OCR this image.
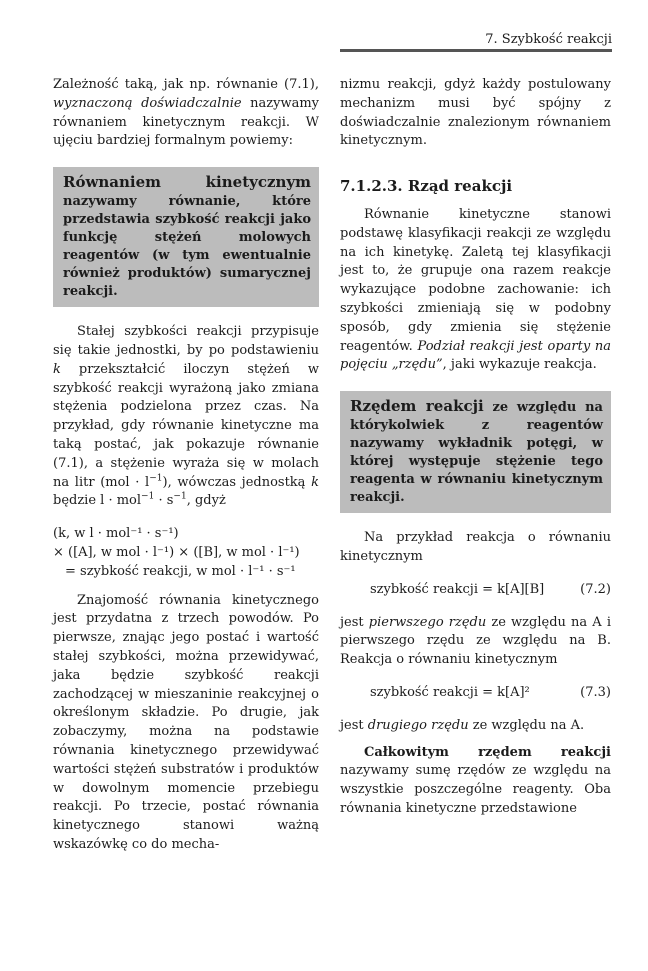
7. Szybkość reakcji

Zależność taką, jak np. równanie (7.1), wyznaczoną doświadczalnie nazywamy równaniem kinetycznym reakcji. W ujęciu bardziej formalnym powiemy:

Równaniem kinetycznym nazywamy równanie, które przedstawia szybkość reakcji jako funkcję stężeń molowych reagentów (w tym ewentualnie również produktów) sumarycznej reakcji.

Stałej szybkości reakcji przypisuje się takie jednostki, by po podstawieniu k przekształcić iloczyn stężeń w szybkość reakcji wyrażoną jako zmiana stężenia podzielona przez czas. Na przykład, gdy równanie kinetyczne ma taką postać, jak pokazuje równanie (7.1), a stężenie wyraża się w molach na litr $(mol \cdot l^{-1})$, wówczas jednostką k będzie $l \cdot mol^{-1} \cdot s^{-1}$, gdyż

(k, w l · mol⁻¹ · s⁻¹)
× ([A], w mol · l⁻¹) × ([B], w mol · l⁻¹)
= szybkość reakcji, w mol · l⁻¹ · s⁻¹

Znajomość równania kinetycznego jest przydatna z trzech powodów. Po pierwsze, znając jego postać i wartość stałej szybkości, można przewidywać, jaka będzie szybkość reakcji zachodzącej w mieszaninie reakcyjnej o określonym składzie. Po drugie, jak zobaczymy, można na podstawie równania kinetycznego przewidywać wartości stężeń substratów i produktów w dowolnym momencie przebiegu reakcji. Po trzecie, postać równania kinetycznego stanowi ważną wskazówkę co do mecha-

nizmu reakcji, gdyż każdy postulowany mechanizm musi być spójny z doświadczalnie znalezionym równaniem kinetycznym.

7.1.2.3. Rząd reakcji

Równanie kinetyczne stanowi podstawę klasyfikacji reakcji ze względu na ich kinetykę. Zaletą tej klasyfikacji jest to, że grupuje ona razem reakcje wykazujące podobne zachowanie: ich szybkości zmieniają się w podobny sposób, gdy zmienia się stężenie reagentów. Podział reakcji jest oparty na pojęciu „rzędu”, jaki wykazuje reakcja.

Rzędem reakcji ze względu na którykolwiek z reagentów nazywamy wykładnik potęgi, w której występuje stężenie tego reagenta w równaniu kinetycznym reakcji.

Na przykład reakcja o równaniu kinetycznym

szybkość reakcji = k[A][B]	(7.2)

jest pierwszego rzędu ze względu na A i pierwszego rzędu ze względu na B. Reakcja o równaniu kinetycznym

szybkość reakcji = k[A]²	(7.3)

jest drugiego rzędu ze względu na A.

Całkowitym rzędem reakcji nazywamy sumę rzędów ze względu na wszystkie poszczególne reagenty. Oba równania kinetyczne przedstawione
